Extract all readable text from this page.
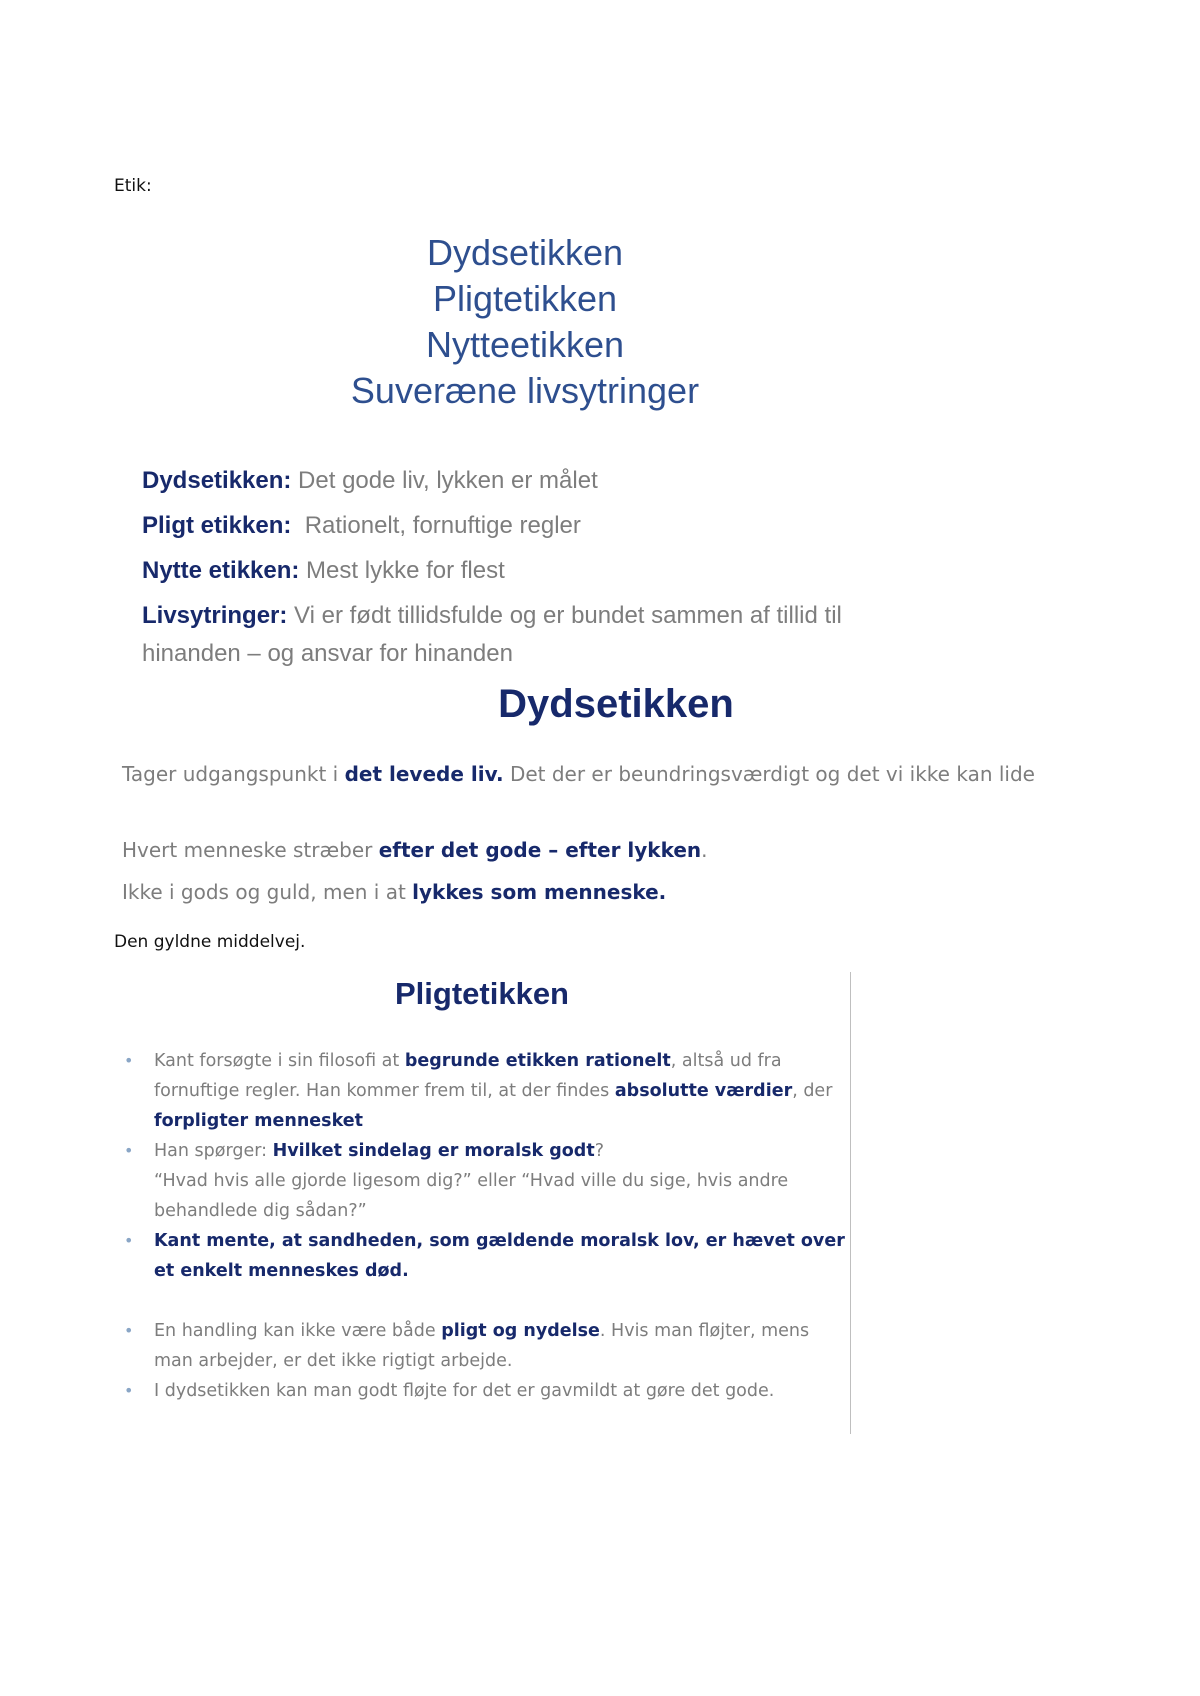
Etik:
Dydsetikken
Pligtetikken
Nytteetikken
Suveræne livsytringer
Dydsetikken: Det gode liv, lykken er målet
Pligt etikken:  Rationelt, fornuftige regler
Nytte etikken: Mest lykke for flest
Livsytringer: Vi er født tillidsfulde og er bundet sammen af tillid til hinanden – og ansvar for hinanden
Dydsetikken
Tager udgangspunkt i det levede liv. Det der er beundringsværdigt og det vi ikke kan lide
Hvert menneske stræber efter det gode – efter lykken.
Ikke i gods og guld, men i at lykkes som menneske.
Den gyldne middelvej.
Pligtetikken
• Kant forsøgte i sin filosofi at begrunde etikken rationelt, altså ud fra fornuftige regler. Han kommer frem til, at der findes absolutte værdier, der forpligter mennesket
• Han spørger: Hvilket sindelag er moralsk godt?
“Hvad hvis alle gjorde ligesom dig?” eller “Hvad ville du sige, hvis andre behandlede dig sådan?”
• Kant mente, at sandheden, som gældende moralsk lov, er hævet over et enkelt menneskes død.
• En handling kan ikke være både pligt og nydelse. Hvis man fløjter, mens man arbejder, er det ikke rigtigt arbejde.
• I dydsetikken kan man godt fløjte for det er gavmildt at gøre det gode.
